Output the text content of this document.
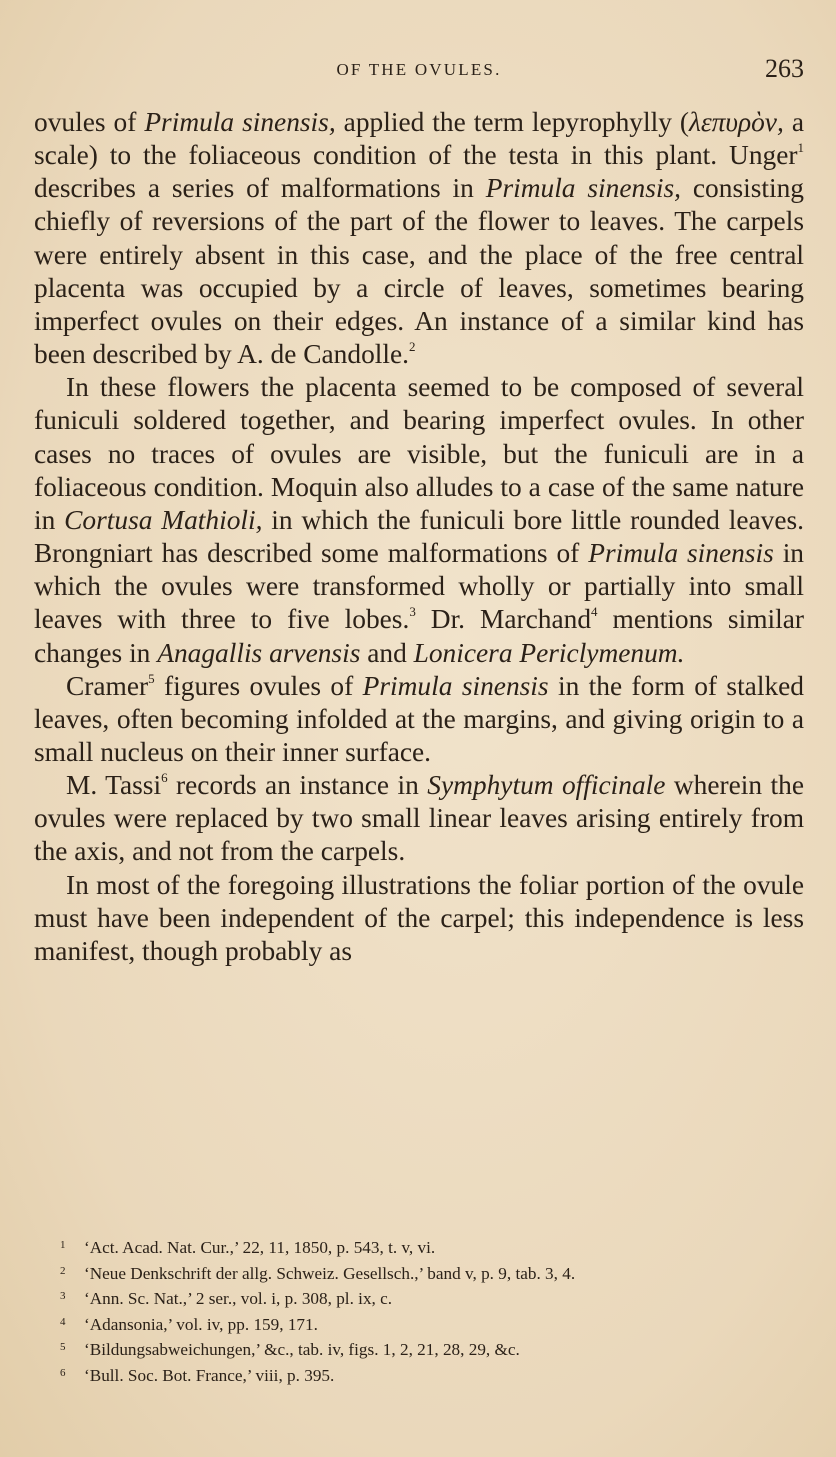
OF THE OVULES.	263

ovules of Primula sinensis, applied the term lepyrophylly (λεπυρὸν, a scale) to the foliaceous condition of the testa in this plant. Unger$^1$ describes a series of malformations in Primula sinensis, consisting chiefly of reversions of the part of the flower to leaves. The carpels were entirely absent in this case, and the place of the free central placenta was occupied by a circle of leaves, sometimes bearing imperfect ovules on their edges. An instance of a similar kind has been described by A. de Candolle.$^2$

In these flowers the placenta seemed to be composed of several funiculi soldered together, and bearing imperfect ovules. In other cases no traces of ovules are visible, but the funiculi are in a foliaceous condition. Moquin also alludes to a case of the same nature in Cortusa Mathioli, in which the funiculi bore little rounded leaves. Brongniart has described some malformations of Primula sinensis in which the ovules were transformed wholly or partially into small leaves with three to five lobes.$^3$ Dr. Marchand$^4$ mentions similar changes in Anagallis arvensis and Lonicera Periclymenum.

Cramer$^5$ figures ovules of Primula sinensis in the form of stalked leaves, often becoming infolded at the margins, and giving origin to a small nucleus on their inner surface.

M. Tassi$^6$ records an instance in Symphytum officinale wherein the ovules were replaced by two small linear leaves arising entirely from the axis, and not from the carpels.

In most of the foregoing illustrations the foliar portion of the ovule must have been independent of the carpel; this independence is less manifest, though probably as

1 ‘Act. Acad. Nat. Cur.,’ 22, 11, 1850, p. 543, t. v, vi.
2 ‘Neue Denkschrift der allg. Schweiz. Gesellsch.,’ band v, p. 9, tab. 3, 4.
3 ‘Ann. Sc. Nat.,’ 2 ser., vol. i, p. 308, pl. ix, c.
4 ‘Adansonia,’ vol. iv, pp. 159, 171.
5 ‘Bildungsabweichungen,’ &c., tab. iv, figs. 1, 2, 21, 28, 29, &c.
6 ‘Bull. Soc. Bot. France,’ viii, p. 395.
